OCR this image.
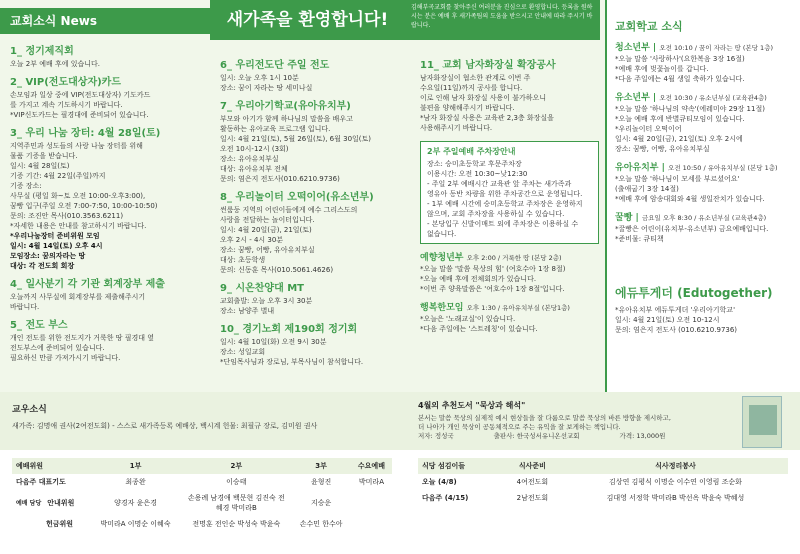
교회소식 News
1_ 정기제직회
오늘 2부 예배 후에 있습니다.
2_ VIP(전도대상자)카드
손모임과 일상 중에 VIP(전도대상자) 기도카드
를 가지고 계속 기도하시기 바랍니다.
*VIP신도카드는 필경대에 준비되어 있습니다.
3_ 우리 나눔 장터: 4월 28일(토)
지역주민과 성도들의 사랑 나눔 장터를 위해
물품 기증을 받습니다.
일시: 4월 28일(토)
기증 기간: 4월 22일(주일)까지
기증 장소:
사무실 (평일 화~토 오전 10:00-오후3:00),
꿈빵 입구(주일 오전 7:00-7:50, 10:00-10:50)
문의: 조진안 목사(010.3563.6211)
*자세한 내용은 안내를 참고하시기 바랍니다.
*우리나눔장터 준비위원 모임
일시: 4월 14일(토) 오후 4시
모임장소: 꿈의자라는 땅
대상: 각 전도회 회장
4_ 일사분기 각 기관 회계장부 제출
오늘까지 사무실에 회계장부를 제출해주시기
바랍니다.
5_ 전도 부스
개인 전도를 위한 전도지가 거룩한 땅 필경대 옆
전도부스에 준비되어 있습니다.
필요하신 만큼 가져가시기 바랍니다.
새가족을 환영합니다!
김해부곡교회를 찾아주신 여러분을 진심으로 환영합니다. 등록을 원하시는 분은 예배 후 새가족팀의 도움을 받으시고 안내에 따라 주시기 바랍니다.
6_ 우리전도단 주일 전도
일시: 오늘 오후 1시 10분
장소: 꿈이 자라는 땅 세미나실
7_ 우리아기학교(유아유치부)
부모와 아기가 함께 하나님의 말씀을 배우고
활동하는 유아교육 프로그램 입니다.
일시: 4월 21일(토), 5월 26일(토), 6월 30일(토)
오전 10시-12시 (3회)
장소: 유아유치부실
대상: 유아유치부 전체
문의: 염은지 전도사(010.6210.9736)
8_ 우리놀이터 오떡이어(유소년부)
썬룸둥 지역의 어린이들에게 예수 그리스도의
사랑을 전달하는 놀이터입니다.
일시: 4월 20일(금), 21일(토)
오후 2시 - 4시 30분
장소: 꿈빵, 어빵, 유아유치부실
대상: 초등학생
문의: 신동훈 목사(010.5061.4626)
9_ 시온찬양대 MT
교회출발: 오늘 오후 3시 30분
장소: 남양주 별내
10_ 경기노회 제190회 정기회
일시: 4월 10일(화) 오전 9시 30분
장소: 성일교회
*단임목사님과 장로님, 부목사님이 참석합니다.
11_ 교회 남자화장실 확장공사
남자화장실이 협소한 관계로 이번 주
수요일(11일)까지 공사를 합니다.
이로 인해 남자 화장실 사용이 불가하오니
불편을 양해해주시기 바랍니다.
*남자 화장실 사용은 교육관 2,3층 화장실을
사용해주시기 바랍니다.
2부 주일예배 주차장안내
장소: 승미초등학교 후문주차장
이용시간: 오전 10:30~낮12:30
- 주일 2부 예배시간 교육관 앞 주차는 새가족과
영유아 동반 차량을 위한 주차공간으로 운영됩니다.
- 1부 예배 시간에 승미초등학교 주차장은 운영하지
않으며, 교회 주차장을 사용하실 수 있습니다.
- 본당입구 신발이매트 외에 주차장은 이용하실 수
없습니다.
예향청년부 오후 2:00 / 거룩한 땅 (본당 2층)
*오늘 말씀 '말씀 묵상의 힘' (여호수아 1장 8절)
*오늘 예배 후에 전체회의가 있습니다.
*이번 주 양육말씀은 '여호수아 1장 8절'입니다.
행복한모임 오후 1:30 / 유아유치부실 (본당1층)
*오늘은 '노래교실'이 있습니다.
*다음 주일에는 '스트레칭'이 있습니다.
교회학교 소식
청소년부 | 오전 10:10 / 꿈이 자라는 땅 (본당 1층)
*오늘 말씀 '사랑하사'(요한복음 3장 16절)
*예배 후에 벚꽃놀이를 갑니다.
*다음 주일에는 4월 생일 축하가 있습니다.
유소년부 | 오전 10:30 / 유소년부실 (교육관4층)
*오늘 말씀 '하나님의 약속'(에레미야 29장 11절)
*오늘 예배 후에 반별큐티모임이 있습니다.
*우리놀이터 오떡이어
일시: 4월 20일(금), 21일(토) 오후 2시에
장소: 꿈빵, 어빵, 유아유치부실
유아유치부 | 오전 10:50 / 유아유치부실 (본당 1층)
*오늘 말씀 '하나님이 모세를 부르셨어요'
(출애굽기 3장 14절)
*예배 후에 암송대회와 4월 생일잔치가 있습니다.
꿀빵 | 금요일 오후 8:30 / 유소년부실 (교육관4층)
*꿀빵은 어린이(유치부-유소년부) 금요예배입니다.
*준비물: 큐티책
에듀투게더 (Edutogether)
*유아유치부 에듀투게더 '우리아기학교'
일시: 4월 21일(토) 오전 10-12시
문의: 염은지 전도사 (010.6210.9736)
교우소식
새가족: 김명애 권사(2여전도회) - 스스로 새가족등록 예배상, 백시계 헌물: 최필규 장로, 김미원 권사
4월의 추천도서 "묵상과 해석"
본서는 말씀 묵상의 실제적 예시 현상들을 잘 다룸으로 말씀 묵상의 바른 방향을 제시하고,
더 나아가 개인 묵상이 공동체적으로 주는 유익을 잘 보게하는 책입니다.
저자: 정성국	출판사: 한국성서유니온선교회	가격: 13,000원
예배위원	1부	2부	3부	수요예배
다음주 대표기도	최종완	이승태	윤형진	박미라A
예배 담당 안내위원	양경자 윤은경	손용례 남경애 백문현 김진숙 전혜경 박미라B	지승운	
헌금위원	박미라A 이명순 이혜숙	전명훈 전인순 박성숙 박윤숙	손수민 한수아	
식당 섬김이들	식사준비	식사정리봉사
오늘 (4/8)	4여전도회	김상연 김평식 이명순 이수연 이영림 조순화
다음주 (4/15)	2남전도회	김대영 서정학 박미라B 박선옥 박윤숙 박혜성
